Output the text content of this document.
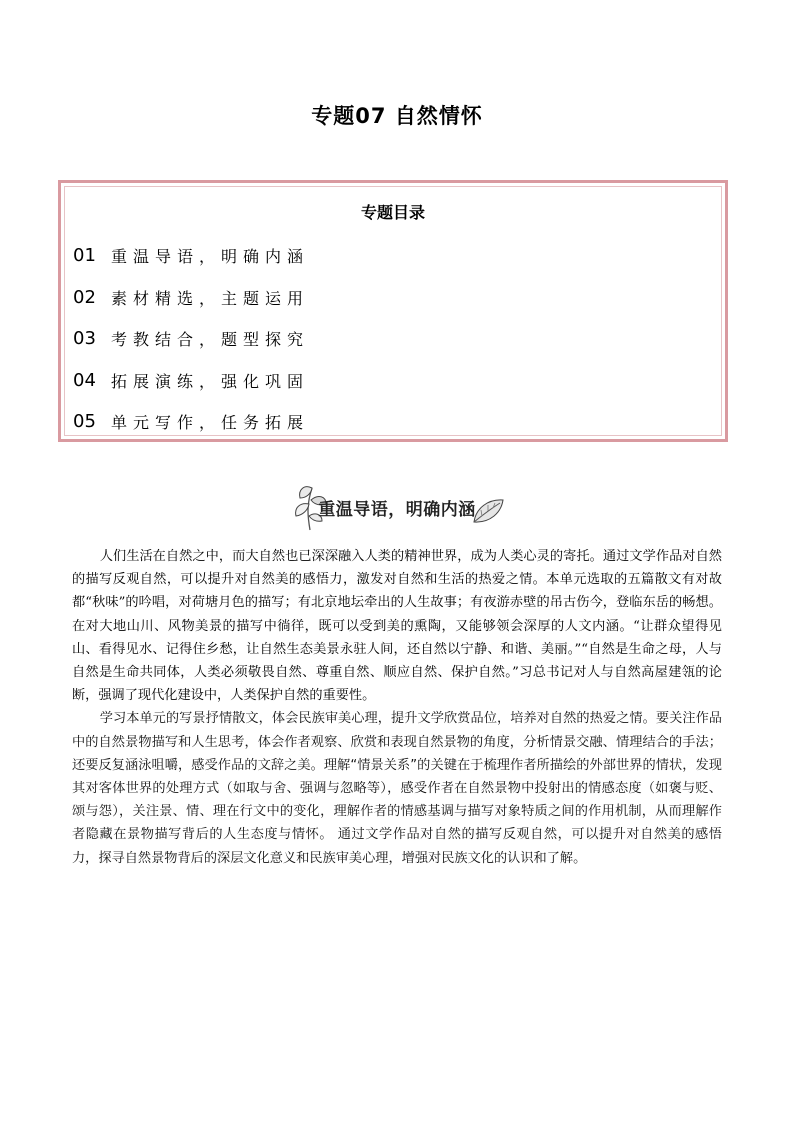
专题07 自然情怀
专题目录
01 重温导语，明确内涵
02 素材精选，主题运用
03 考教结合，题型探究
04 拓展演练，强化巩固
05 单元写作，任务拓展
重温导语，明确内涵

人们生活在自然之中，而大自然也已深深融入人类的精神世界，成为人类心灵的寄托。通过文学作品对自然的描写反观自然，可以提升对自然美的感悟力，激发对自然和生活的热爱之情。本单元选取的五篇散文有对故都“秋味”的吟唱，对荷塘月色的描写；有北京地坛牵出的人生故事；有夜游赤壁的吊古伤今，登临东岳的畅想。在对大地山川、风物美景的描写中徜徉，既可以受到美的熏陶，又能够领会深厚的人文内涵。“让群众望得见山、看得见水、记得住乡愁，让自然生态美景永驻人间，还自然以宁静、和谐、美丽。”“自然是生命之母，人与自然是生命共同体，人类必须敬畏自然、尊重自然、顺应自然、保护自然。”习总书记对人与自然高屋建瓴的论断，强调了现代化建设中，人类保护自然的重要性。

学习本单元的写景抒情散文，体会民族审美心理，提升文学欣赏品位，培养对自然的热爱之情。要关注作品中的自然景物描写和人生思考，体会作者观察、欣赏和表现自然景物的角度，分析情景交融、情理结合的手法；还要反复涵泳咀嚼，感受作品的文辞之美。理解“情景关系”的关键在于梳理作者所描绘的外部世界的情状，发现其对客体世界的处理方式（如取与舍、强调与忽略等），感受作者在自然景物中投射出的情感态度（如褒与贬、颂与怨），关注景、情、理在行文中的变化，理解作者的情感基调与描写对象特质之间的作用机制，从而理解作者隐藏在景物描写背后的人生态度与情怀。 通过文学作品对自然的描写反观自然，可以提升对自然美的感悟力，探寻自然景物背后的深层文化意义和民族审美心理，增强对民族文化的认识和了解。
